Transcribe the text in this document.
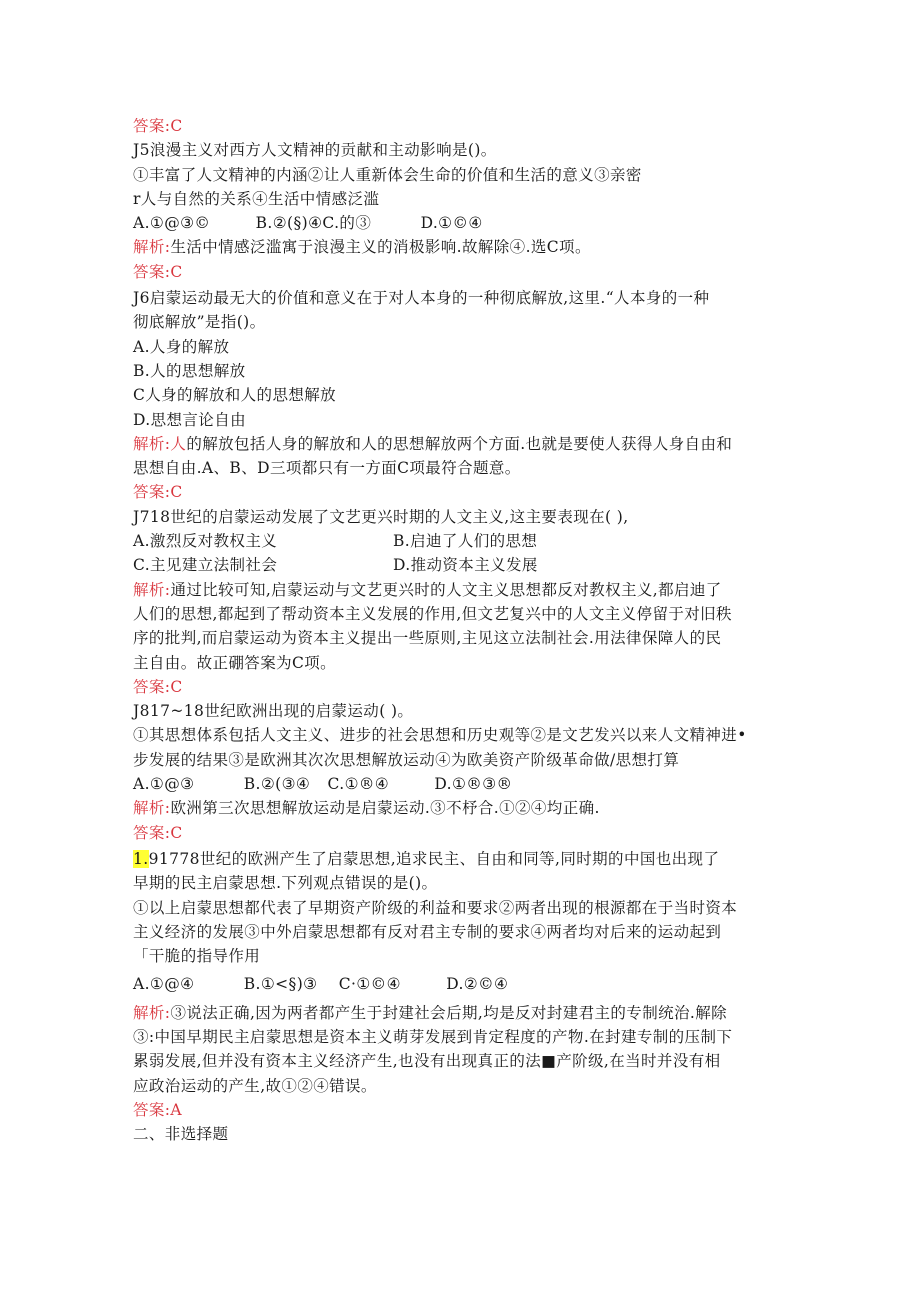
答案:C
J5浪漫主义对西方人文精神的贡献和主动影响是()。
①丰富了人文精神的内涵②让人重新体会生命的价值和生活的意义③亲密
r人与自然的关系④生活中情感泛滥
A.①@③©	B.②(§)④C.的③	D.①©④
解析:生活中情感泛滥寓于浪漫主义的消极影响.故解除④.选C项。
答案:C
J6启蒙运动最无大的价值和意义在于对人本身的一种彻底解放,这里.“人本身的一种
彻底解放”是指()。
A.人身的解放
B.人的思想解放
C人身的解放和人的思想解放
D.思想言论自由
解析:人的解放包括人身的解放和人的思想解放两个方面.也就是要使人获得人身自由和
思想自由.A、B、D三项都只有一方面C项最符合题意。
答案:C
J718世纪的启蒙运动发展了文艺更兴时期的人文主义,这主要表现在( ),
A.激烈反对教权主义	B.启迪了人们的思想
C.主见建立法制社会	D.推动资本主义发展
解析:通过比较可知,启蒙运动与文艺更兴时的人文主义思想都反对教权主义,都启迪了
人们的思想,都起到了帮动资本主义发展的作用,但文艺复兴中的人文主义停留于对旧秩
序的批判,而启蒙运动为资本主义提出一些原则,主见这立法制社会.用法律保障人的民
主自由。故正硼答案为C项。
答案:C
J817~18世纪欧洲出现的启蒙运动( )。
①其思想体系包括人文主义、进步的社会思想和历史观等②是文艺发兴以来人文精神进•
步发展的结果③是欧洲其次次思想解放运动④为欧美资产阶级革命做/思想打算
A.①@③	B.②(③④ C.①®④	D.①®③®
解析:欧洲第三次思想解放运动是启蒙运动.③不杼合.①②④均正确.
答案:C
1.91778世纪的欧洲产生了启蒙思想,追求民主、自由和同等,同时期的中国也出现了
早期的民主启蒙思想.下列观点错误的是()。
①以上启蒙思想都代表了早期资产阶级的利益和要求②两者出现的根源都在于当时资本
主义经济的发展③中外启蒙思想都有反对君主专制的要求④两者均对后来的运动起到
「干脆的指导作用
A.①@④	B.①<§)③ C·①©④	D.②©④
解析:③说法正确,因为两者都产生于封建社会后期,均是反对封建君主的专制统治.解除
③:中国早期民主启蒙思想是资本主义萌芽发展到肯定程度的产物.在封建专制的压制下
累弱发展,但并没有资本主义经济产生,也没有出现真正的法■产阶级,在当时并没有相
应政治运动的产生,故①②④错误。
答案:A
二、非选择题
